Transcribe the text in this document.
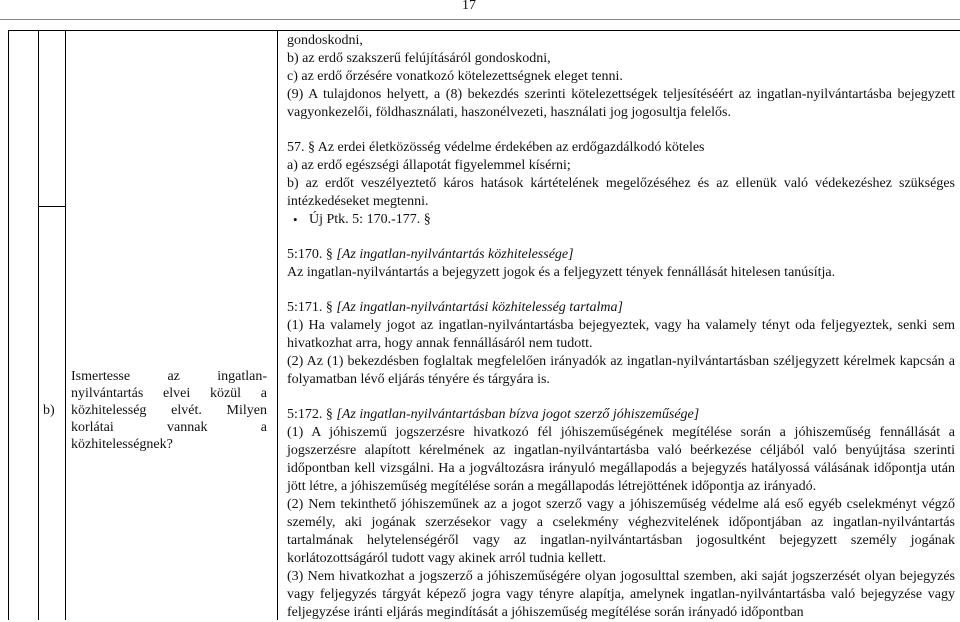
17
b)
Ismertesse az ingatlan-nyilvántartás elvei közül a közhitelesség elvét. Milyen korlátai vannak a közhitelességnek?

gondoskodni,

b) az erdő szakszerű felújításáról gondoskodni,

c) az erdő őrzésére vonatkozó kötelezettségnek eleget tenni.

(9) A tulajdonos helyett, a (8) bekezdés szerinti kötelezettségek teljesítéséért az ingatlan-nyilvántartásba bejegyzett vagyonkezelői, földhasználati, haszonélvezeti, használati jog jogosultja felelős.

57. § Az erdei életközösség védelme érdekében az erdőgazdálkodó köteles

a) az erdő egészségi állapotát figyelemmel kísérni;

b) az erdőt veszélyeztető káros hatások kártételének megelőzéséhez és az ellenük való védekezéshez szükséges intézkedéseket megtenni.

• Új Ptk. 5: 170.-177. §

5:170. § [Az ingatlan-nyilvántartás közhitelessége]

Az ingatlan-nyilvántartás a bejegyzett jogok és a feljegyzett tények fennállását hitelesen tanúsítja.

5:171. § [Az ingatlan-nyilvántartási közhitelesség tartalma]

(1) Ha valamely jogot az ingatlan-nyilvántartásba bejegyeztek, vagy ha valamely tényt oda feljegyeztek, senki sem hivatkozhat arra, hogy annak fennállásáról nem tudott.

(2) Az (1) bekezdésben foglaltak megfelelően irányadók az ingatlan-nyilvántartásban széljegyzett kérelmek kapcsán a folyamatban lévő eljárás tényére és tárgyára is.

5:172. § [Az ingatlan-nyilvántartásban bízva jogot szerző jóhiszeműsége]

(1) A jóhiszemű jogszerzésre hivatkozó fél jóhiszeműségének megítélése során a jóhiszeműség fennállását a jogszerzésre alapított kérelmének az ingatlan-nyilvántartásba való beérkezése céljából való benyújtása szerinti időpontban kell vizsgálni. Ha a jogváltozásra irányuló megállapodás a bejegyzés hatályossá válásának időpontja után jött létre, a jóhiszeműség megítélése során a megállapodás létrejöttének időpontja az irányadó.

(2) Nem tekinthető jóhiszeműnek az a jogot szerző vagy a jóhiszeműség védelme alá eső egyéb cselekményt végző személy, aki jogának szerzésekor vagy a cselekmény véghezvitelének időpontjában az ingatlan-nyilvántartás tartalmának helytelenségéről vagy az ingatlan-nyilvántartásban jogosultként bejegyzett személy jogának korlátozottságáról tudott vagy akinek arról tudnia kellett.

(3) Nem hivatkozhat a jogszerző a jóhiszeműségére olyan jogosulttal szemben, aki saját jogszerzését olyan bejegyzés vagy feljegyzés tárgyát képező jogra vagy tényre alapítja, amelynek ingatlan-nyilvántartásba való bejegyzése vagy feljegyzése iránti eljárás megindítását a jóhiszeműség megítélése során irányadó időpontban
